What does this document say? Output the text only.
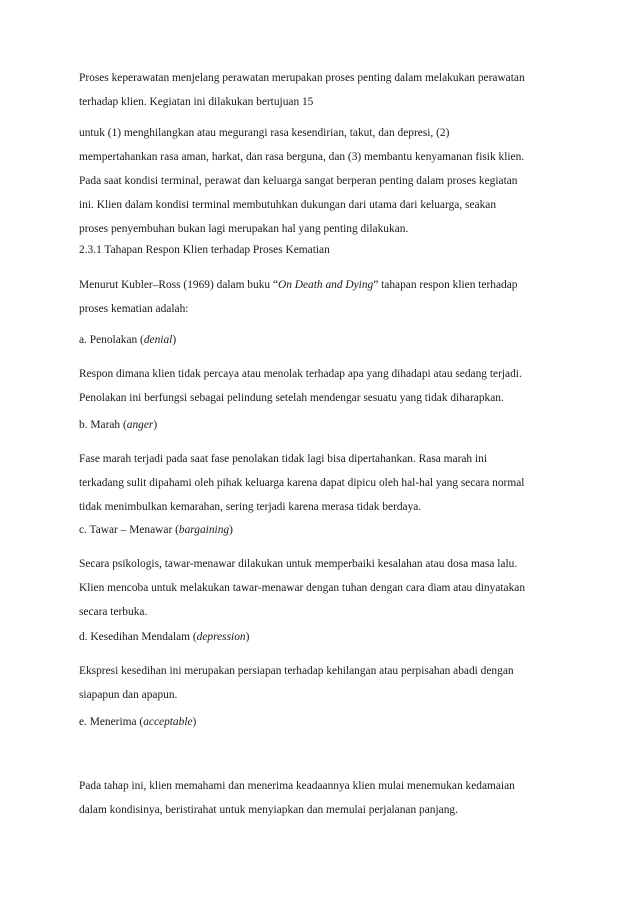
Proses keperawatan menjelang perawatan merupakan proses penting dalam melakukan perawatan
terhadap klien. Kegiatan ini dilakukan bertujuan 15

untuk (1) menghilangkan atau megurangi rasa kesendirian, takut, dan depresi, (2)
mempertahankan rasa aman, harkat, dan rasa berguna, dan (3) membantu kenyamanan fisik klien.
Pada saat kondisi terminal, perawat dan keluarga sangat berperan penting dalam proses kegiatan
ini. Klien dalam kondisi terminal membutuhkan dukungan dari utama dari keluarga, seakan
proses penyembuhan bukan lagi merupakan hal yang penting dilakukan.

2.3.1 Tahapan Respon Klien terhadap Proses Kematian

Menurut Kubler–Ross (1969) dalam buku “On Death and Dying” tahapan respon klien terhadap
proses kematian adalah:

a. Penolakan (denial)

Respon dimana klien tidak percaya atau menolak terhadap apa yang dihadapi atau sedang terjadi.
Penolakan ini berfungsi sebagai pelindung setelah mendengar sesuatu yang tidak diharapkan.

b. Marah (anger)

Fase marah terjadi pada saat fase penolakan tidak lagi bisa dipertahankan. Rasa marah ini
terkadang sulit dipahami oleh pihak keluarga karena dapat dipicu oleh hal-hal yang secara normal
tidak menimbulkan kemarahan, sering terjadi karena merasa tidak berdaya.

c. Tawar – Menawar (bargaining)

Secara psikologis, tawar-menawar dilakukan untuk memperbaiki kesalahan atau dosa masa lalu.
Klien mencoba untuk melakukan tawar-menawar dengan tuhan dengan cara diam atau dinyatakan
secara terbuka.

d. Kesedihan Mendalam (depression)

Ekspresi kesedihan ini merupakan persiapan terhadap kehilangan atau perpisahan abadi dengan
siapapun dan apapun.

e. Menerima (acceptable)

Pada tahap ini, klien memahami dan menerima keadaannya klien mulai menemukan kedamaian
dalam kondisinya, beristirahat untuk menyiapkan dan memulai perjalanan panjang.
